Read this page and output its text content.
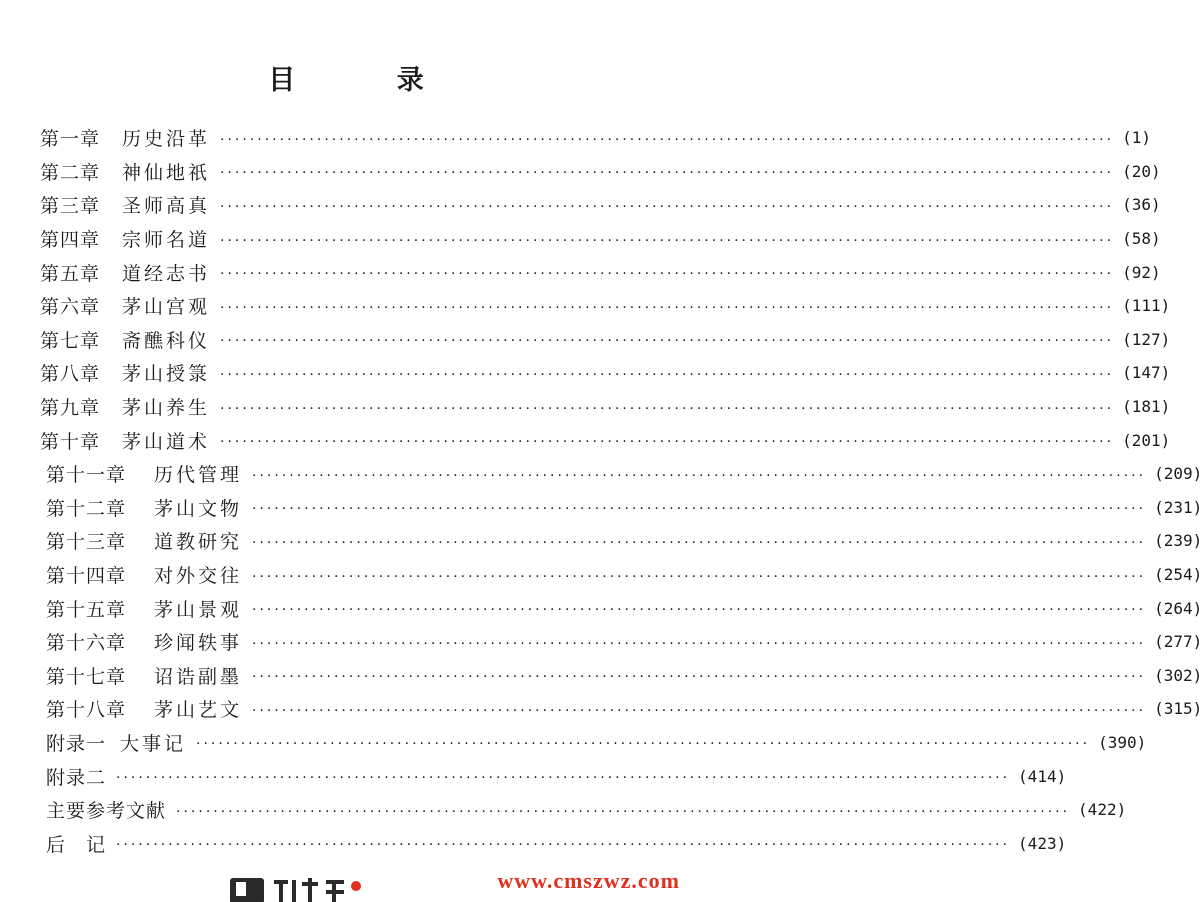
目 录
第一章 历史沿革 ························································································································ (1)
第二章 神仙地祇 ························································································································ (20)
第三章 圣师高真 ························································································································ (36)
第四章 宗师名道 ························································································································ (58)
第五章 道经志书 ························································································································ (92)
第六章 茅山宫观 ························································································································ (111)
第七章 斋醮科仪 ························································································································ (127)
第八章 茅山授箓 ························································································································ (147)
第九章 茅山养生 ························································································································ (181)
第十章 茅山道术 ························································································································ (201)
第十一章 历代管理 ························································································································ (209)
第十二章 茅山文物 ························································································································ (231)
第十三章 道教研究 ························································································································ (239)
第十四章 对外交往 ························································································································ (254)
第十五章 茅山景观 ························································································································ (264)
第十六章 珍闻轶事 ························································································································ (277)
第十七章 诏诰副墨 ························································································································ (302)
第十八章 茅山艺文 ························································································································ (315)
附录一 大事记 ························································································································ (390)
附录二 ························································································································ (414)
主要参考文献 ························································································································ (422)
后　记 ························································································································ (423)
www.cmszwz.com
